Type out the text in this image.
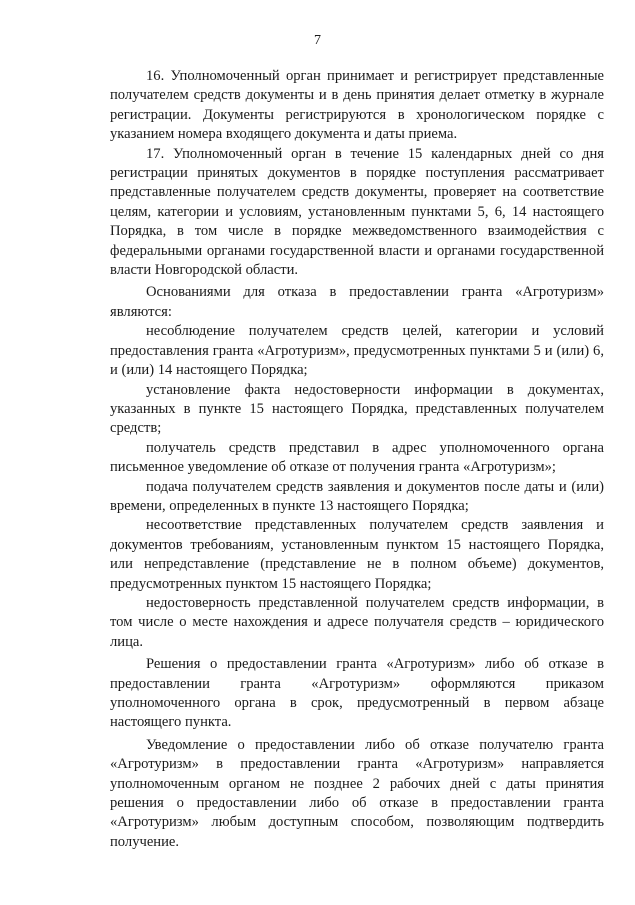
7

16. Уполномоченный орган принимает и регистрирует представленные получателем средств документы и в день принятия делает отметку в журнале регистрации. Документы регистрируются в хронологическом порядке с указанием номера входящего документа и даты приема.

17. Уполномоченный орган в течение 15 календарных дней со дня регистрации принятых документов в порядке поступления рассматривает представленные получателем средств документы, проверяет на соответствие целям, категории и условиям, установленным пунктами 5, 6, 14 настоящего Порядка, в том числе в порядке межведомственного взаимодействия с федеральными органами государственной власти и органами государственной власти Новгородской области.

Основаниями для отказа в предоставлении гранта «Агротуризм» являются:

несоблюдение получателем средств целей, категории и условий предоставления гранта «Агротуризм», предусмотренных пунктами 5 и (или) 6, и (или) 14 настоящего Порядка;

установление факта недостоверности информации в документах, указанных в пункте 15 настоящего Порядка, представленных получателем средств;

получатель средств представил в адрес уполномоченного органа письменное уведомление об отказе от получения гранта «Агротуризм»;

подача получателем средств заявления и документов после даты и (или) времени, определенных в пункте 13 настоящего Порядка;

несоответствие представленных получателем средств заявления и документов требованиям, установленным пунктом 15 настоящего Порядка, или непредставление (представление не в полном объеме) документов, предусмотренных пунктом 15 настоящего Порядка;

недостоверность представленной получателем средств информации, в том числе о месте нахождения и адресе получателя средств – юридического лица.

Решения о предоставлении гранта «Агротуризм» либо об отказе в предоставлении гранта «Агротуризм» оформляются приказом уполномоченного органа в срок, предусмотренный в первом абзаце настоящего пункта.

Уведомление о предоставлении либо об отказе получателю гранта «Агротуризм» в предоставлении гранта «Агротуризм» направляется уполномоченным органом не позднее 2 рабочих дней с даты принятия решения о предоставлении либо об отказе в предоставлении гранта «Агротуризм» любым доступным способом, позволяющим подтвердить получение.
